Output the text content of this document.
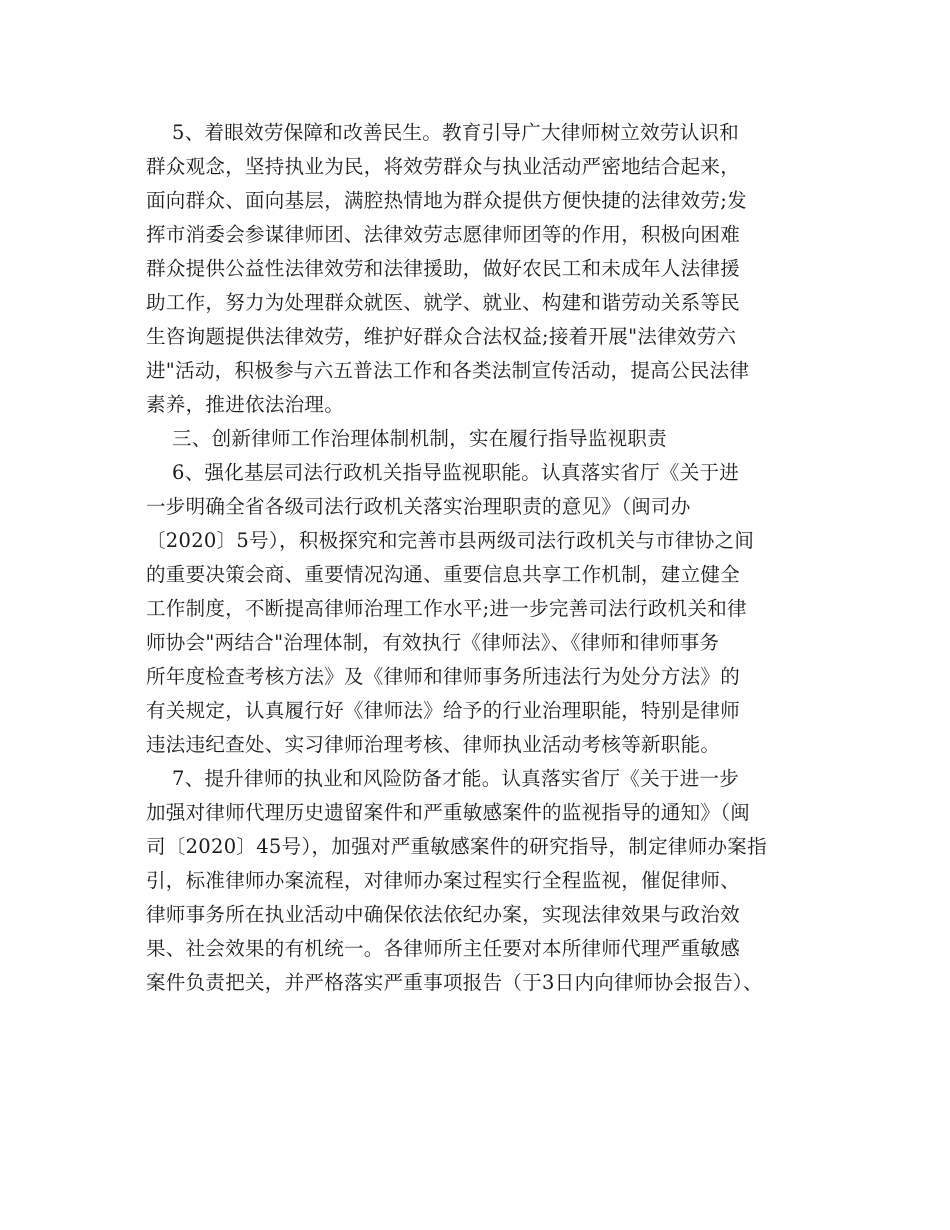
5、着眼效劳保障和改善民生。教育引导广大律师树立效劳认识和
群众观念，坚持执业为民，将效劳群众与执业活动严密地结合起来，
面向群众、面向基层，满腔热情地为群众提供方便快捷的法律效劳;发
挥市消委会参谋律师团、法律效劳志愿律师团等的作用，积极向困难
群众提供公益性法律效劳和法律援助，做好农民工和未成年人法律援
助工作，努力为处理群众就医、就学、就业、构建和谐劳动关系等民
生咨询题提供法律效劳，维护好群众合法权益;接着开展"法律效劳六
进"活动，积极参与六五普法工作和各类法制宣传活动，提高公民法律
素养，推进依法治理。
三、创新律师工作治理体制机制，实在履行指导监视职责
6、强化基层司法行政机关指导监视职能。认真落实省厅《关于进
一步明确全省各级司法行政机关落实治理职责的意见》（闽司办
〔2020〕5号），积极探究和完善市县两级司法行政机关与市律协之间
的重要决策会商、重要情况沟通、重要信息共享工作机制，建立健全
工作制度，不断提高律师治理工作水平;进一步完善司法行政机关和律
师协会"两结合"治理体制，有效执行《律师法》、《律师和律师事务
所年度检查考核方法》及《律师和律师事务所违法行为处分方法》的
有关规定，认真履行好《律师法》给予的行业治理职能，特别是律师
违法违纪查处、实习律师治理考核、律师执业活动考核等新职能。
7、提升律师的执业和风险防备才能。认真落实省厅《关于进一步
加强对律师代理历史遗留案件和严重敏感案件的监视指导的通知》（闽
司〔2020〕45号），加强对严重敏感案件的研究指导，制定律师办案指
引，标准律师办案流程，对律师办案过程实行全程监视，催促律师、
律师事务所在执业活动中确保依法依纪办案，实现法律效果与政治效
果、社会效果的有机统一。各律师所主任要对本所律师代理严重敏感
案件负责把关，并严格落实严重事项报告（于3日内向律师协会报告）、
